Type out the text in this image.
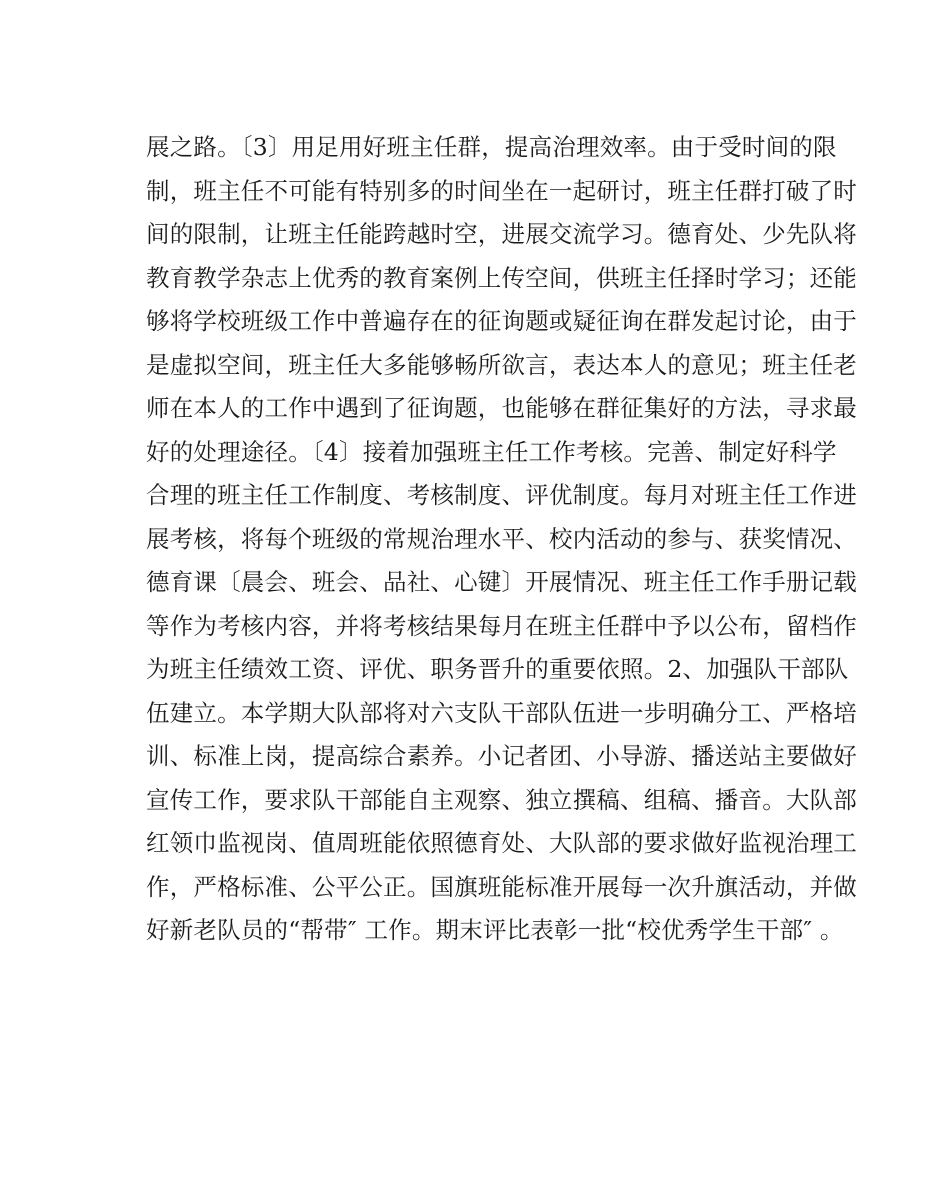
展之路。〔3〕用足用好班主任群，提高治理效率。由于受时间的限
制，班主任不可能有特别多的时间坐在一起研讨，班主任群打破了时
间的限制，让班主任能跨越时空，进展交流学习。德育处、少先队将
教育教学杂志上优秀的教育案例上传空间，供班主任择时学习；还能
够将学校班级工作中普遍存在的征询题或疑征询在群发起讨论，由于
是虚拟空间，班主任大多能够畅所欲言，表达本人的意见；班主任老
师在本人的工作中遇到了征询题，也能够在群征集好的方法，寻求最
好的处理途径。〔4〕接着加强班主任工作考核。完善、制定好科学
合理的班主任工作制度、考核制度、评优制度。每月对班主任工作进
展考核，将每个班级的常规治理水平、校内活动的参与、获奖情况、
德育课〔晨会、班会、品社、心键〕开展情况、班主任工作手册记载
等作为考核内容，并将考核结果每月在班主任群中予以公布，留档作
为班主任绩效工资、评优、职务晋升的重要依照。2、加强队干部队
伍建立。本学期大队部将对六支队干部队伍进一步明确分工、严格培
训、标准上岗，提高综合素养。小记者团、小导游、播送站主要做好
宣传工作，要求队干部能自主观察、独立撰稿、组稿、播音。大队部
红领巾监视岗、值周班能依照德育处、大队部的要求做好监视治理工
作，严格标准、公平公正。国旗班能标准开展每一次升旗活动，并做
好新老队员的“帮带″ 工作。期末评比表彰一批“校优秀学生干部″ 。
